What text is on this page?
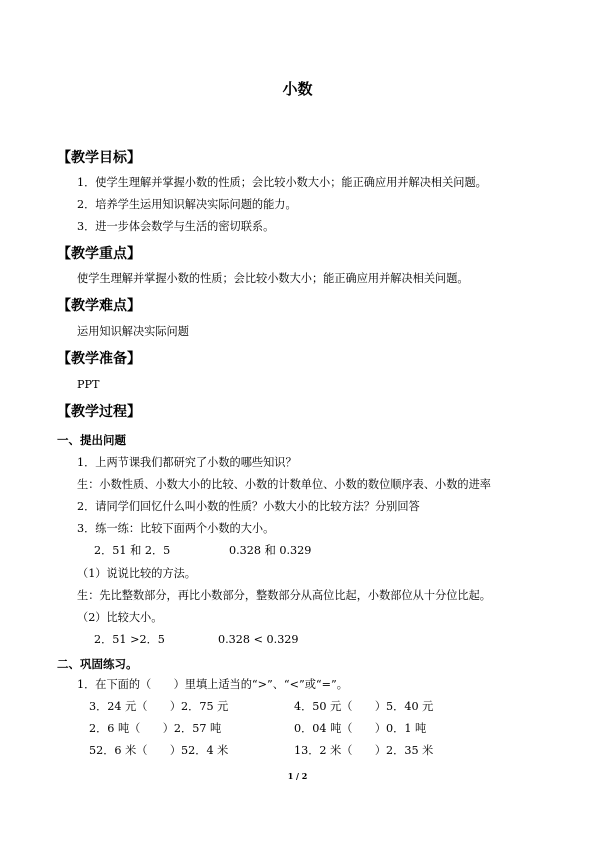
小数
【教学目标】
1．使学生理解并掌握小数的性质；会比较小数大小；能正确应用并解决相关问题。
2．培养学生运用知识解决实际问题的能力。
3．进一步体会数学与生活的密切联系。
【教学重点】
使学生理解并掌握小数的性质；会比较小数大小；能正确应用并解决相关问题。
【教学难点】
运用知识解决实际问题
【教学准备】
PPT
【教学过程】
一、提出问题
1．上两节课我们都研究了小数的哪些知识？
生：小数性质、小数大小的比较、小数的计数单位、小数的数位顺序表、小数的进率
2．请同学们回忆什么叫小数的性质？小数大小的比较方法？分别回答
3．练一练：比较下面两个小数的大小。
2．51 和 2．5	0.328 和 0.329
（1）说说比较的方法。
生：先比整数部分，再比小数部分，整数部分从高位比起，小数部位从十分位比起。
（2）比较大小。
2．51 >2．5	0.328 < 0.329
二、巩固练习。
1．在下面的（　　）里填上适当的“>”、“<”或“=”。
3．24 元（　　）2．75 元	4．50 元（　　）5．40 元
2．6 吨（　　）2．57 吨	0．04 吨（　　）0．1 吨
52．6 米（　　）52．4 米	13．2 米（　　）2．35 米
1 / 2
